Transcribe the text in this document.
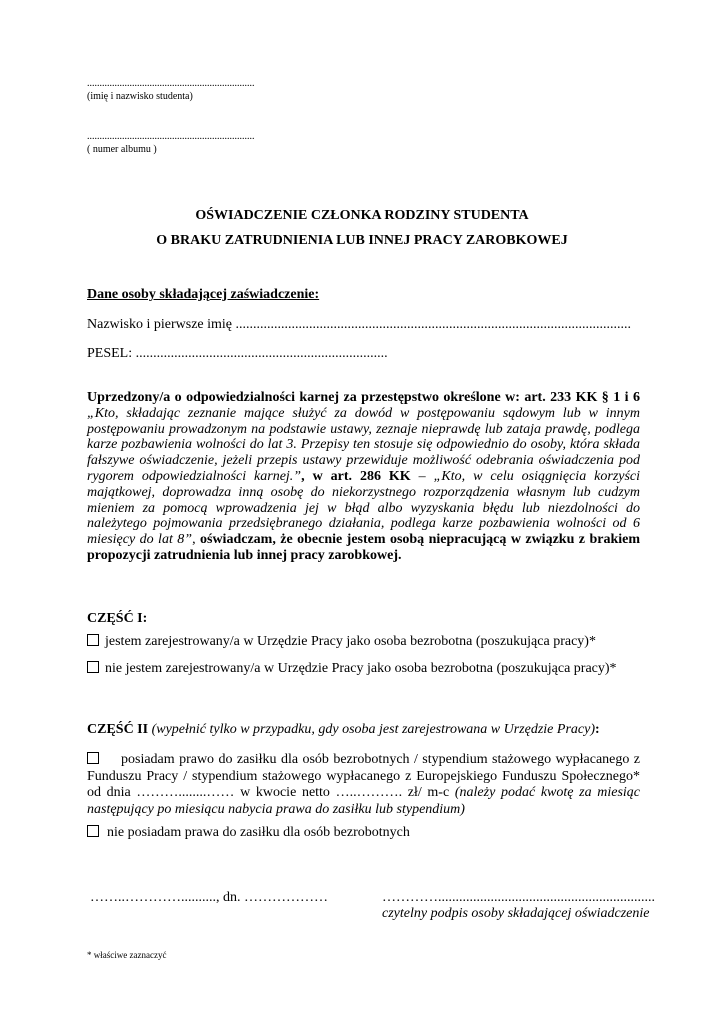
...................................................................
(imię i nazwisko studenta)
...................................................................
( numer albumu )
OŚWIADCZENIE CZŁONKA RODZINY STUDENTA
O BRAKU ZATRUDNIENIA LUB INNEJ PRACY ZAROBKOWEJ
Dane osoby składającej zaświadczenie:
Nazwisko i pierwsze imię .................................................................................................................
PESEL: ........................................................................
Uprzedzony/a o odpowiedzialności karnej za przestępstwo określone w: art. 233 KK § 1 i 6 „Kto, składając zeznanie mające służyć za dowód w postępowaniu sądowym lub w innym postępowaniu prowadzonym na podstawie ustawy, zeznaje nieprawdę lub zataja prawdę, podlega karze pozbawienia wolności do lat 3. Przepisy ten stosuje się odpowiednio do osoby, która składa fałszywe oświadczenie, jeżeli przepis ustawy przewiduje możliwość odebrania oświadczenia pod rygorem odpowiedzialności karnej.”, w art. 286 KK – „Kto, w celu osiągnięcia korzyści majątkowej, doprowadza inną osobę do niekorzystnego rozporządzenia własnym lub cudzym mieniem za pomocą wprowadzenia jej w błąd albo wyzyskania błędu lub niezdolności do należytego pojmowania przedsiębranego działania, podlega karze pozbawienia wolności od 6 miesięcy do lat 8”, oświadczam, że obecnie jestem osobą niepracującą w związku z brakiem propozycji zatrudnienia lub innej pracy zarobkowej.
CZĘŚĆ I:
jestem zarejestrowany/a w Urzędzie Pracy jako osoba bezrobotna (poszukująca pracy)*
nie jestem zarejestrowany/a w Urzędzie Pracy jako osoba bezrobotna (poszukująca pracy)*
CZĘŚĆ II (wypełnić tylko w przypadku, gdy osoba jest zarejestrowana w Urzędzie Pracy):
posiadam prawo do zasiłku dla osób bezrobotnych / stypendium stażowego wypłacanego z Funduszu Pracy / stypendium stażowego wypłacanego z Europejskiego Funduszu Społecznego* od dnia ………........…… w kwocie netto …..………. zł/ m-c (należy podać kwotę za miesiąc następujący po miesiącu nabycia prawa do zasiłku lub stypendium)
nie posiadam prawa do zasiłku dla osób bezrobotnych
……..………….........., dn. ………………	…………..............................................................
czytelny podpis osoby składającej oświadczenie
* właściwe zaznaczyć
